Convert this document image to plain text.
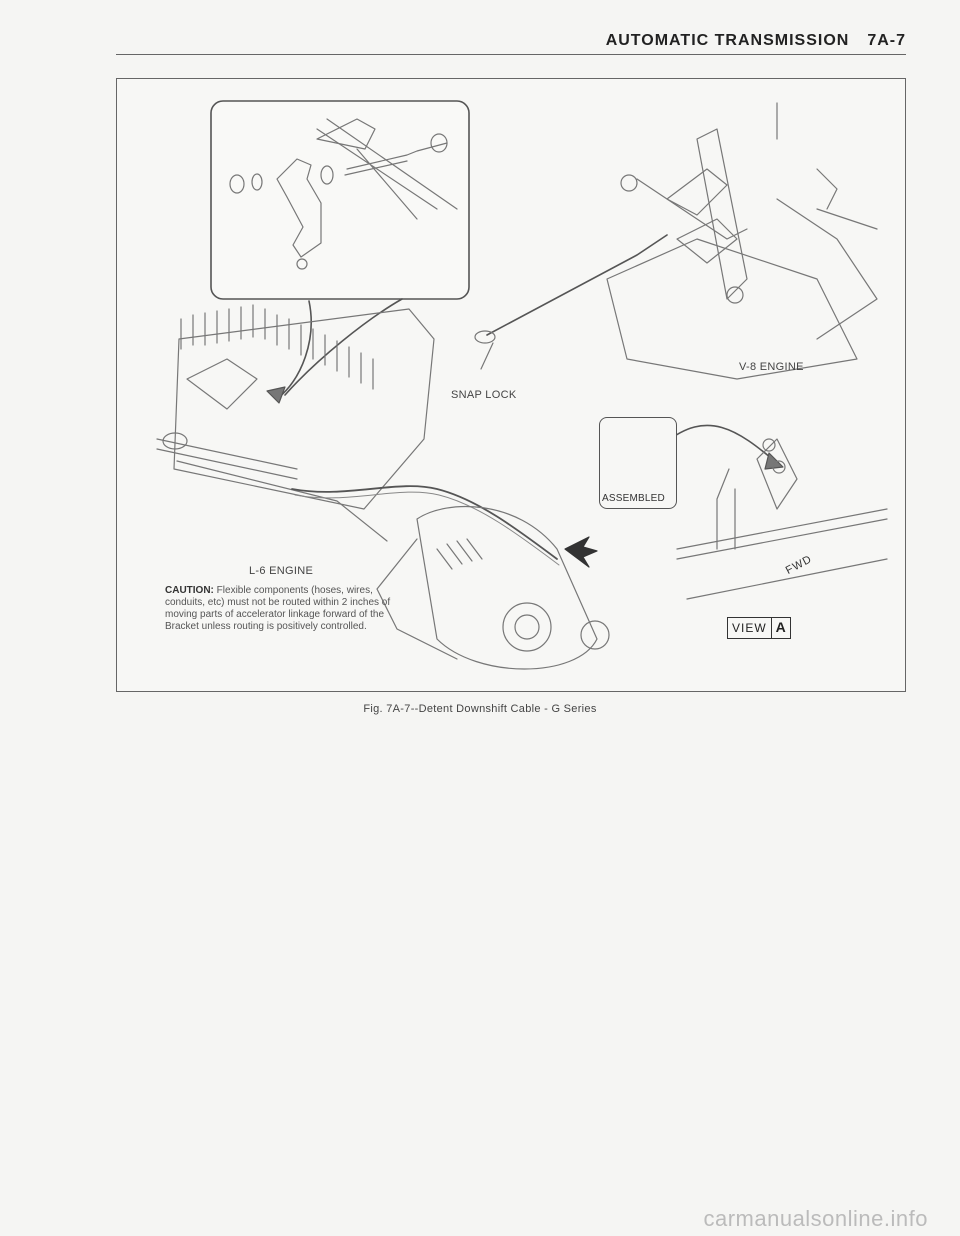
AUTOMATIC TRANSMISSION 7A-7
V-8 ENGINE
SNAP LOCK
L-6 ENGINE
ASSEMBLED
FWD
VIEW A
CAUTION: Flexible components (hoses, wires, conduits, etc) must not be routed within 2 inches of moving parts of accelerator linkage forward of the Bracket unless routing is positively controlled.
Fig. 7A-7--Detent Downshift Cable - G Series
carmanualsonline.info
